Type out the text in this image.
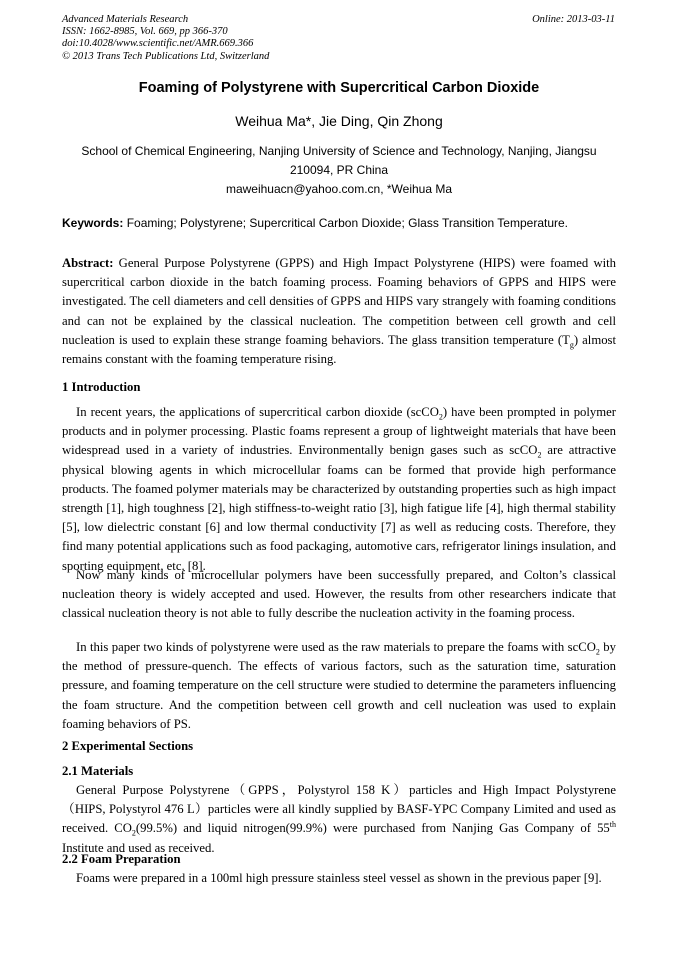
Advanced Materials Research
ISSN: 1662-8985, Vol. 669, pp 366-370
doi:10.4028/www.scientific.net/AMR.669.366
© 2013 Trans Tech Publications Ltd, Switzerland
Online: 2013-03-11
Foaming of Polystyrene with Supercritical Carbon Dioxide
Weihua Ma*, Jie Ding, Qin Zhong
School of Chemical Engineering, Nanjing University of Science and Technology, Nanjing, Jiangsu
210094, PR China
maweihuacn@yahoo.com.cn, *Weihua Ma
Keywords: Foaming; Polystyrene; Supercritical Carbon Dioxide; Glass Transition Temperature.
Abstract: General Purpose Polystyrene (GPPS) and High Impact Polystyrene (HIPS) were foamed with supercritical carbon dioxide in the batch foaming process. Foaming behaviors of GPPS and HIPS were investigated. The cell diameters and cell densities of GPPS and HIPS vary strangely with foaming conditions and can not be explained by the classical nucleation. The competition between cell growth and cell nucleation is used to explain these strange foaming behaviors. The glass transition temperature $(T_g)$ almost remains constant with the foaming temperature rising.
1 Introduction
In recent years, the applications of supercritical carbon dioxide (scCO$_2$) have been prompted in polymer products and in polymer processing. Plastic foams represent a group of lightweight materials that have been widespread used in a variety of industries. Environmentally benign gases such as scCO$_2$ are attractive physical blowing agents in which microcellular foams can be formed that provide high performance products. The foamed polymer materials may be characterized by outstanding properties such as high impact strength [1], high toughness [2], high stiffness-to-weight ratio [3], high fatigue life [4], high thermal stability [5], low dielectric constant [6] and low thermal conductivity [7] as well as reducing costs. Therefore, they find many potential applications such as food packaging, automotive cars, refrigerator linings insulation, and sporting equipment, etc. [8].
Now many kinds of microcellular polymers have been successfully prepared, and Colton’s classical nucleation theory is widely accepted and used. However, the results from other researchers indicate that classical nucleation theory is not able to fully describe the nucleation activity in the foaming process.
In this paper two kinds of polystyrene were used as the raw materials to prepare the foams with scCO$_2$ by the method of pressure-quench. The effects of various factors, such as the saturation time, saturation pressure, and foaming temperature on the cell structure were studied to determine the parameters influencing the foam structure. And the competition between cell growth and cell nucleation was used to explain foaming behaviors of PS.
2 Experimental Sections
2.1 Materials
General Purpose Polystyrene（GPPS，Polystyrol 158 K）particles and High Impact Polystyrene（HIPS, Polystyrol 476 L）particles were all kindly supplied by BASF-YPC Company Limited and used as received. $CO_2(99.5\%)$ and liquid nitrogen(99.9%) were purchased from Nanjing Gas Company of 55th Institute and used as received.
2.2 Foam Preparation
Foams were prepared in a 100ml high pressure stainless steel vessel as shown in the previous paper [9].
